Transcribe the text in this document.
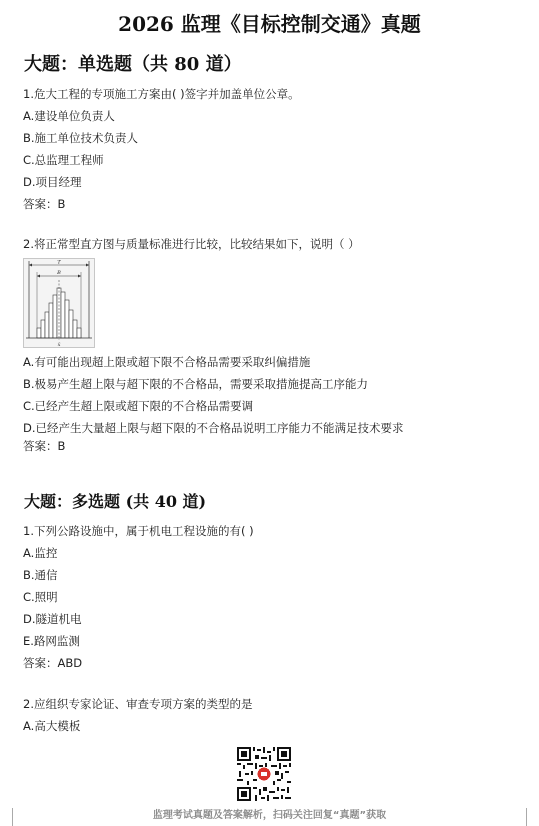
2026 监理《目标控制交通》真题
大题：单选题（共 80 道）
1.危大工程的专项施工方案由( )签字并加盖单位公章。
A.建设单位负责人
B.施工单位技术负责人
C.总监理工程师
D.项目经理
答案：B
2.将正常型直方图与质量标准进行比较，比较结果如下，说明（ ）
T
B
x̄
A.有可能出现超上限或超下限不合格品需要采取纠偏措施
B.极易产生超上限与超下限的不合格品，需要采取措施提高工序能力
C.已经产生超上限或超下限的不合格品需要调
D.已经产生大量超上限与超下限的不合格品说明工序能力不能满足技术要求
答案：B
大题：多选题 (共 40 道)
1.下列公路设施中，属于机电工程设施的有( )
A.监控
B.通信
C.照明
D.隧道机电
E.路网监测
答案：ABD
2.应组织专家论证、审查专项方案的类型的是
A.高大模板
监理考试真题及答案解析，扫码关注回复“真题”获取
